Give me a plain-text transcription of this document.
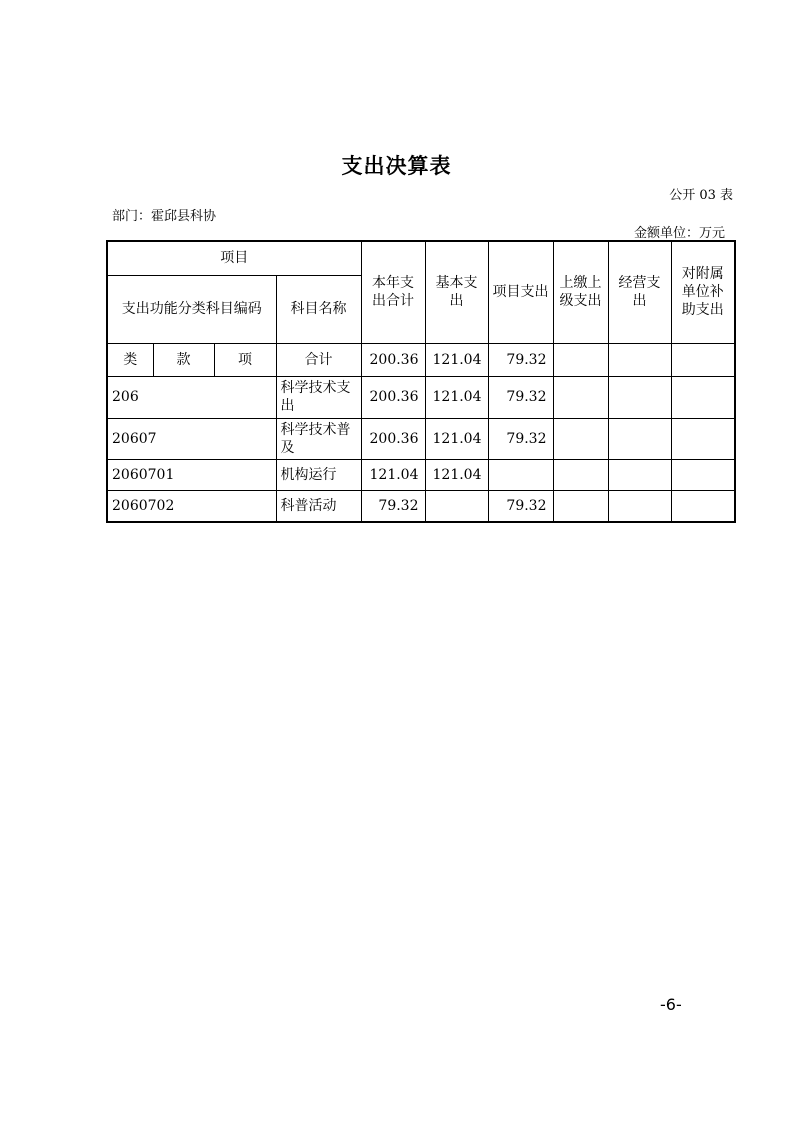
支出决算表
公开 03 表
部门：霍邱县科协
金额单位：万元
项目				本年支出合计	基本支出	项目支出	上缴上级支出	经营支出	对附属单位补助支出
支出功能分类科目编码			科目名称						
类	款	项	合计	200.36	121.04	79.32			
206			科学技术支出	200.36	121.04	79.32			
20607			科学技术普及	200.36	121.04	79.32			
2060701			机构运行	121.04	121.04				
2060702			科普活动	79.32		79.32			
-6-
